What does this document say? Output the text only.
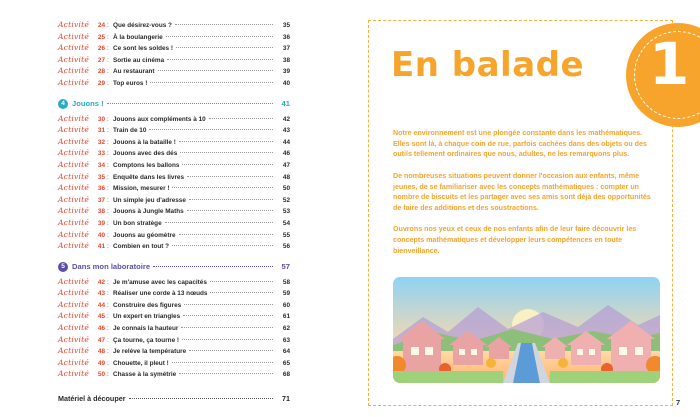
Activité	24 : Que désirez-vous ?	35
Activité	25 : À la boulangerie	36
Activité	26 : Ce sont les soldes !	37
Activité	27 : Sortie au cinéma	38
Activité	28 : Au restaurant	39
Activité	29 : Top euros !	40
4 Jouons !	41
Activité	30 : Jouons aux compléments à 10	42
Activité	31 : Train de 10	43
Activité	32 : Jouons à la bataille !	44
Activité	33 : Jouons avec des dés	46
Activité	34 : Comptons les ballons	47
Activité	35 : Enquête dans les livres	48
Activité	36 : Mission, mesurer !	50
Activité	37 : Un simple jeu d'adresse	52
Activité	38 : Jouons à Jungle Maths	53
Activité	39 : Un bon stratège	54
Activité	40 : Jouons au géomètre	55
Activité	41 : Combien en tout ?	56
5 Dans mon laboratoire	57
Activité	42 : Je m'amuse avec les capacités	58
Activité	43 : Réaliser une corde à 13 nœuds	59
Activité	44 : Construire des figures	60
Activité	45 : Un expert en triangles	61
Activité	46 : Je connais la hauteur	62
Activité	47 : Ça tourne, ça tourne !	63
Activité	48 : Je relève la température	64
Activité	49 : Chouette, il pleut !	65
Activité	50 : Chasse à la symétrie	68
Matériel à découper	71
1
En balade

Notre environnement est une plongée constante dans les mathématiques. Elles sont là, à chaque coin de rue, parfois cachées dans des objets ou des outils tellement ordinaires que nous, adultes, ne les remarquons plus.

De nombreuses situations peuvent donner l'occasion aux enfants, même jeunes, de se familiariser avec les concepts mathématiques : compter un nombre de biscuits et les partager avec ses amis sont déjà des opportunités de faire des additions et des soustractions.

Ouvrons nos yeux et ceux de nos enfants afin de leur faire découvrir les concepts mathématiques et développer leurs compétences en toute bienveillance.

7
